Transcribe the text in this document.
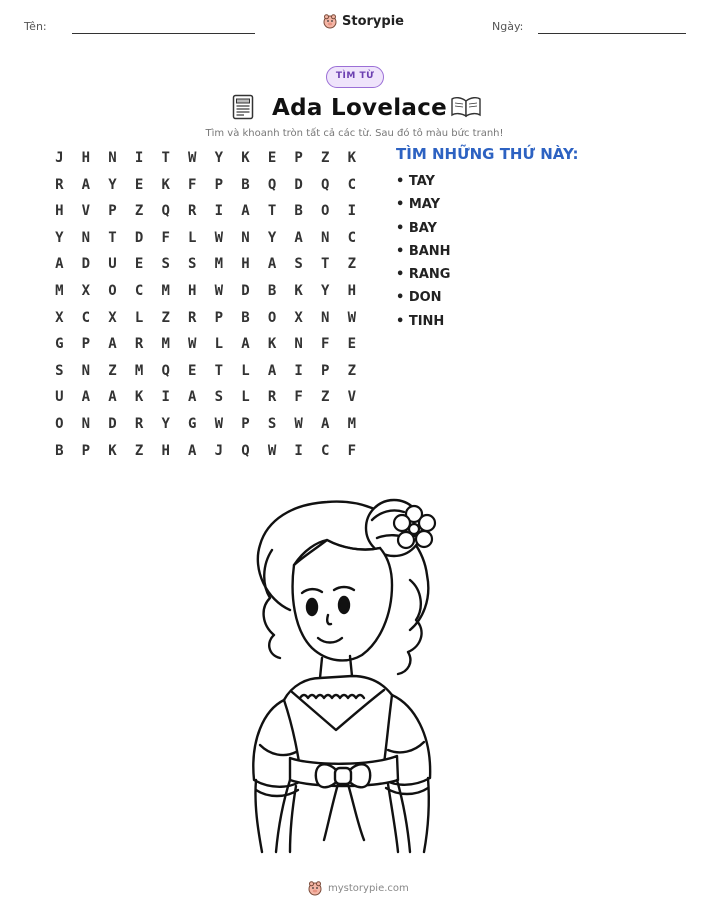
Tên:	Storypie	Ngày:
TÌM TỪ
Ada Lovelace
Tìm và khoanh tròn tất cả các từ. Sau đó tô màu bức tranh!
J	H	N	I	T	W	Y	K	E	P	Z	K
R	A	Y	E	K	F	P	B	Q	D	Q	C
H	V	P	Z	Q	R	I	A	T	B	O	I
Y	N	T	D	F	L	W	N	Y	A	N	C
A	D	U	E	S	S	M	H	A	S	T	Z
M	X	O	C	M	H	W	D	B	K	Y	H
X	C	X	L	Z	R	P	B	O	X	N	W
G	P	A	R	M	W	L	A	K	N	F	E
S	N	Z	M	Q	E	T	L	A	I	P	Z
U	A	A	K	I	A	S	L	R	F	Z	V
O	N	D	R	Y	G	W	P	S	W	A	M
B	P	K	Z	H	A	J	Q	W	I	C	F
TÌM NHỮNG THỨ NÀY:
• TAY
• MAY
• BAY
• BANH
• RANG
• DON
• TINH
mystorypie.com
